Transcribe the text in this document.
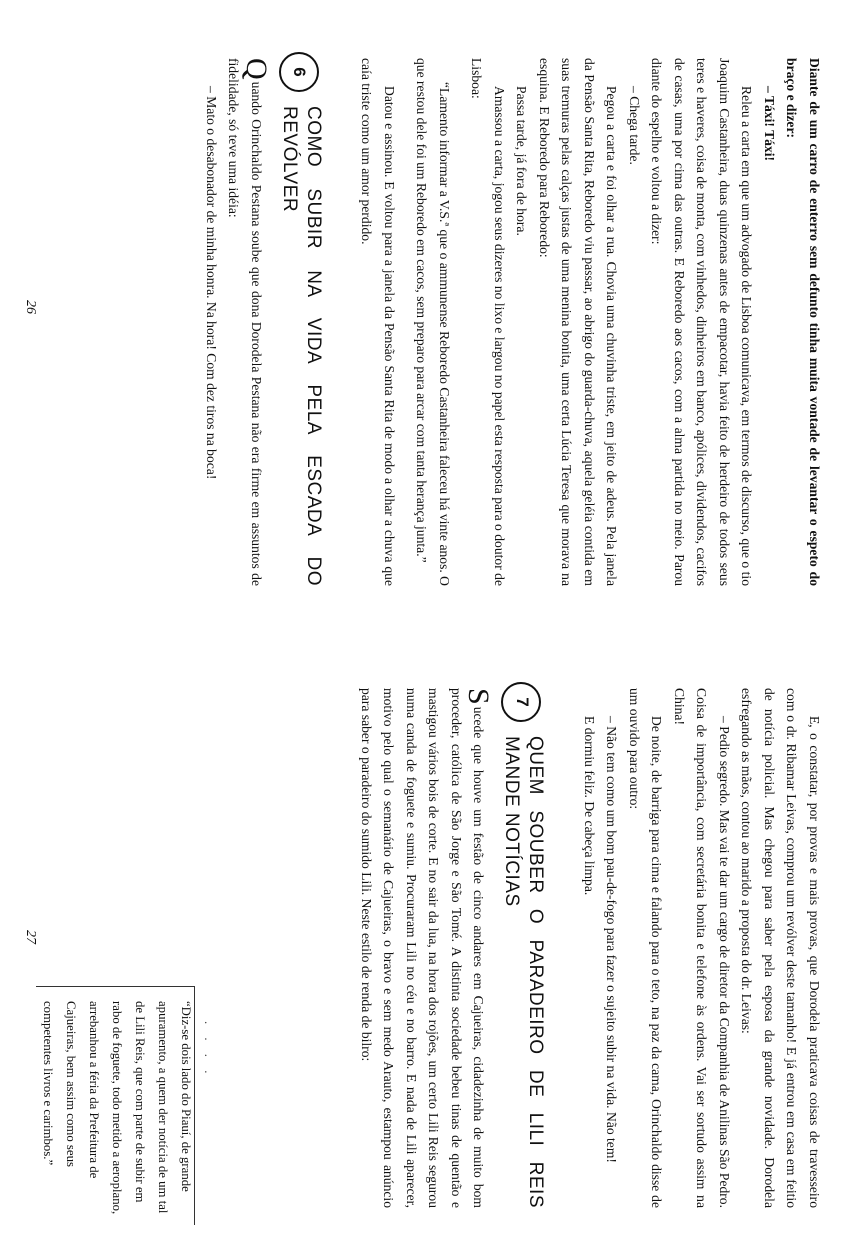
Diante de um carro de enterro sem defunto tinha muita vontade de levantar o espeto do braço e dizer:

– Táxi! Táxi!

Releu a carta em que um advogado de Lisboa comunicava, em termos de discurso, que o tio Joaquim Castanheira, duas quinzenas antes de empacotar, havia feito de herdeiro de todos seus teres e haveres, coisa de monta, com vinhedos, dinheiros em banco, apólices, dividendos, cacifos de casas, uma por cima das outras. E Reboredo aos cacos, com a alma partida no meio. Parou diante do espelho e voltou a dizer:

– Chega tarde.

Pegou a carta e foi olhar a rua. Chovia uma chuvinha triste, em jeito de adeus. Pela janela da Pensão Santa Rita, Reboredo viu passar, ao abrigo do guarda-chuva, aquela geléia contida em suas tremuras pelas calças justas de uma menina bonita, uma certa Lúcia Teresa que morava na esquina. E Reboredo para Reboredo:

Passa tarde, já fora de hora.

Amassou a carta, jogou seus dizeres no lixo e largou no papel esta resposta para o doutor de Lisboa:

“Lamento informar a V.S.ª que o ammunense Reboredo Castanheira faleceu há vinte anos. O que restou dele foi um Reboredo em cacos, sem preparo para arcar com tanta herança junta.”

Datou e assinou. E voltou para a janela da Pensão Santa Rita de modo a olhar a chuva que caía triste como um amor perdido.

6
COMO SUBIR NA VIDA PELA ESCADA DO REVÓLVER

Quando Orinchaldo Pestana soube que dona Dorodela Pestana não era firme em assuntos de fidelidade, só teve uma idéia:

– Mato o desabonador de minha honra. Na hora! Com dez tiros na boca!

26

E, o constatar, por provas e mais provas, que Dorodela praticava coisas de travesseiro com o dr. Ribamar Leivas, comprou um revólver deste tamanho! E já entrou em casa em feitio de notícia policial. Mas chegou para saber pela esposa da grande novidade. Dorodela esfregando as mãos, contou ao marido a proposta do dr. Leivas:

– Pedio segredo. Mas vai te dar um cargo de diretor da Companhia de Anilinas São Pedro. Coisa de importância, com secretária bonita e telefone às ordens. Vai ser sortudo assim na China!

De noite, de barriga para cima e falando para o teto, na paz da cama, Orinchaldo disse de um ouvido para outro:

– Não tem como um bom pau-de-fogo para fazer o sujeito subir na vida. Não tem!

E dormiu feliz. De cabeça limpa.

7
QUEM SOUBER O PARADEIRO DE LILI REIS MANDE NOTÍCIAS

Sucede que houve um festão de cinco andares em Cajueiras, cidadezinha de muito bom proceder, católica de São Jorge e São Tomé. A distinta sociedade bebeu tinas de quentão e mastigou vários bois de corte. E no sair da lua, na hora dos rojões, um certo Lili Reis segurou numa canda de foguete e sumiu. Procuraram Lili no céu e no barro. E nada de Lili aparecer, motivo pelo qual o semanário de Cajueiras, o bravo e sem medo Arauto, estampou anúncio para saber o paradeiro do sumido Lili. Neste estilo de renda de bilro:

. . . .
“Diz-se dois lado do Piauí, de grande apuramento, a quem der notícia de um tal de Lili Reis, que com parte de subir em rabo de foguete, todo metido a aeroplano, arrebanhou a féria da Prefeitura de Cajueiras, bem assim como seus competentes livros e carimbos.”
27
